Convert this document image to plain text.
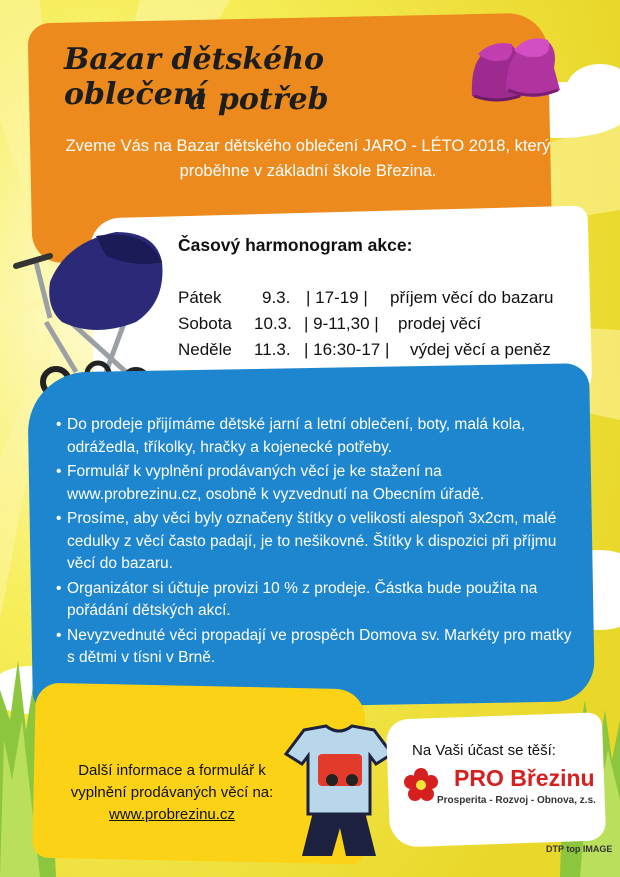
Bazar dětského oblečení
a potřeb
Zveme Vás na Bazar dětského oblečení JARO - LÉTO 2018, který proběhne v základní škole Březina.
Časový harmonogram akce:
Pátek 9.3. | 17-19 | příjem věcí do bazaru
Sobota 10.3. | 9-11,30 | prodej věcí
Neděle 11.3. | 16:30-17 | výdej věcí a peněz
• Do prodeje přijímáme dětské jarní a letní oblečení, boty, malá kola, odrážedla, tříkolky, hračky a kojenecké potřeby.
• Formulář k vyplnění prodávaných věcí je ke stažení na www.probrezinu.cz, osobně k vyzvednutí na Obecním úřadě.
• Prosíme, aby věci byly označeny štítky o velikosti alespoň 3x2cm, malé cedulky z věcí často padají, je to nešikovné. Štítky k dispozici při příjmu věcí do bazaru.
• Organizátor si účtuje provizi 10 % z prodeje. Částka bude použita na pořádání dětských akcí.
• Nevyzvednuté věci propadají ve prospěch Domova sv. Markéty pro matky s dětmi v tísni v Brně.
Další informace a formulář k vyplnění prodávaných věcí na:
www.probrezinu.cz
Na Vaši účast se těší:
PRO Březinu
Prosperita - Rozvoj - Obnova, z.s.
DTP top IMAGE
